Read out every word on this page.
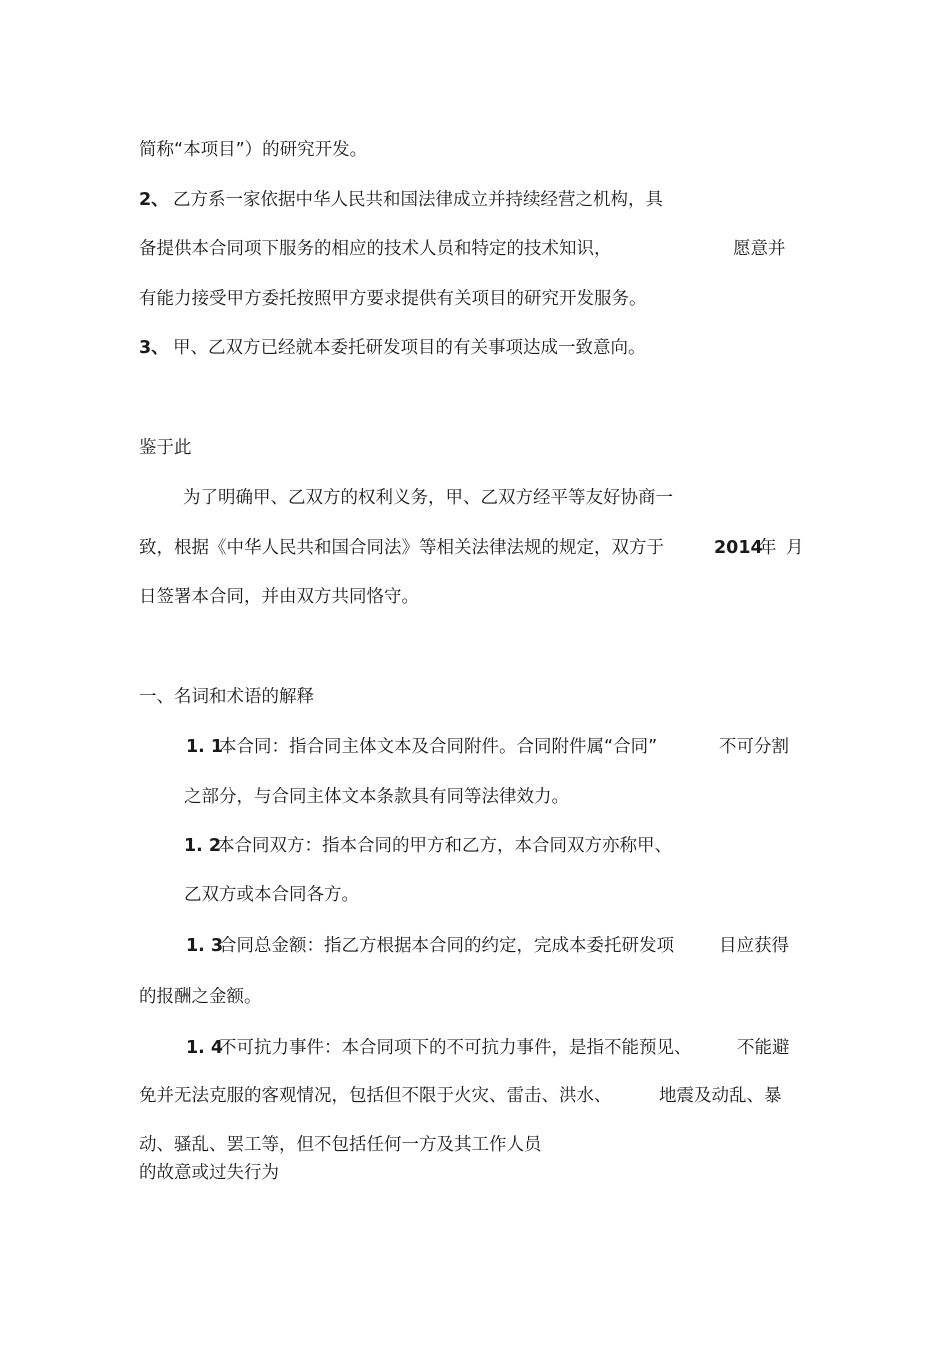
简称“本项目”）的研究开发。
2、 乙方系一家依据中华人民共和国法律成立并持续经营之机构，具
备提供本合同项下服务的相应的技术人员和特定的技术知识，	愿意并
有能力接受甲方委托按照甲方要求提供有关项目的研究开发服务。
3、 甲、乙双方已经就本委托研发项目的有关事项达成一致意向。
鉴于此
为了明确甲、乙双方的权利义务，甲、乙双方经平等友好协商一
致，根据《中华人民共和国合同法》等相关法律法规的规定，双方于	2014
年 月
日签署本合同，并由双方共同恪守。
一、名词和术语的解释
1. 1
本合同：指合同主体文本及合同附件。合同附件属“合同”	不可分割
之部分，与合同主体文本条款具有同等法律效力。
1. 2
本合同双方：指本合同的甲方和乙方，本合同双方亦称甲、
乙双方或本合同各方。
1. 3
合同总金额：指乙方根据本合同的约定，完成本委托研发项	目应获得
的报酬之金额。
1. 4
不可抗力事件：本合同项下的不可抗力事件，是指不能预见、	不能避
免并无法克服的客观情况，包括但不限于火灾、雷击、洪水、	地震及动乱、暴
动、骚乱、罢工等，但不包括任何一方及其工作人员
的故意或过失行为
